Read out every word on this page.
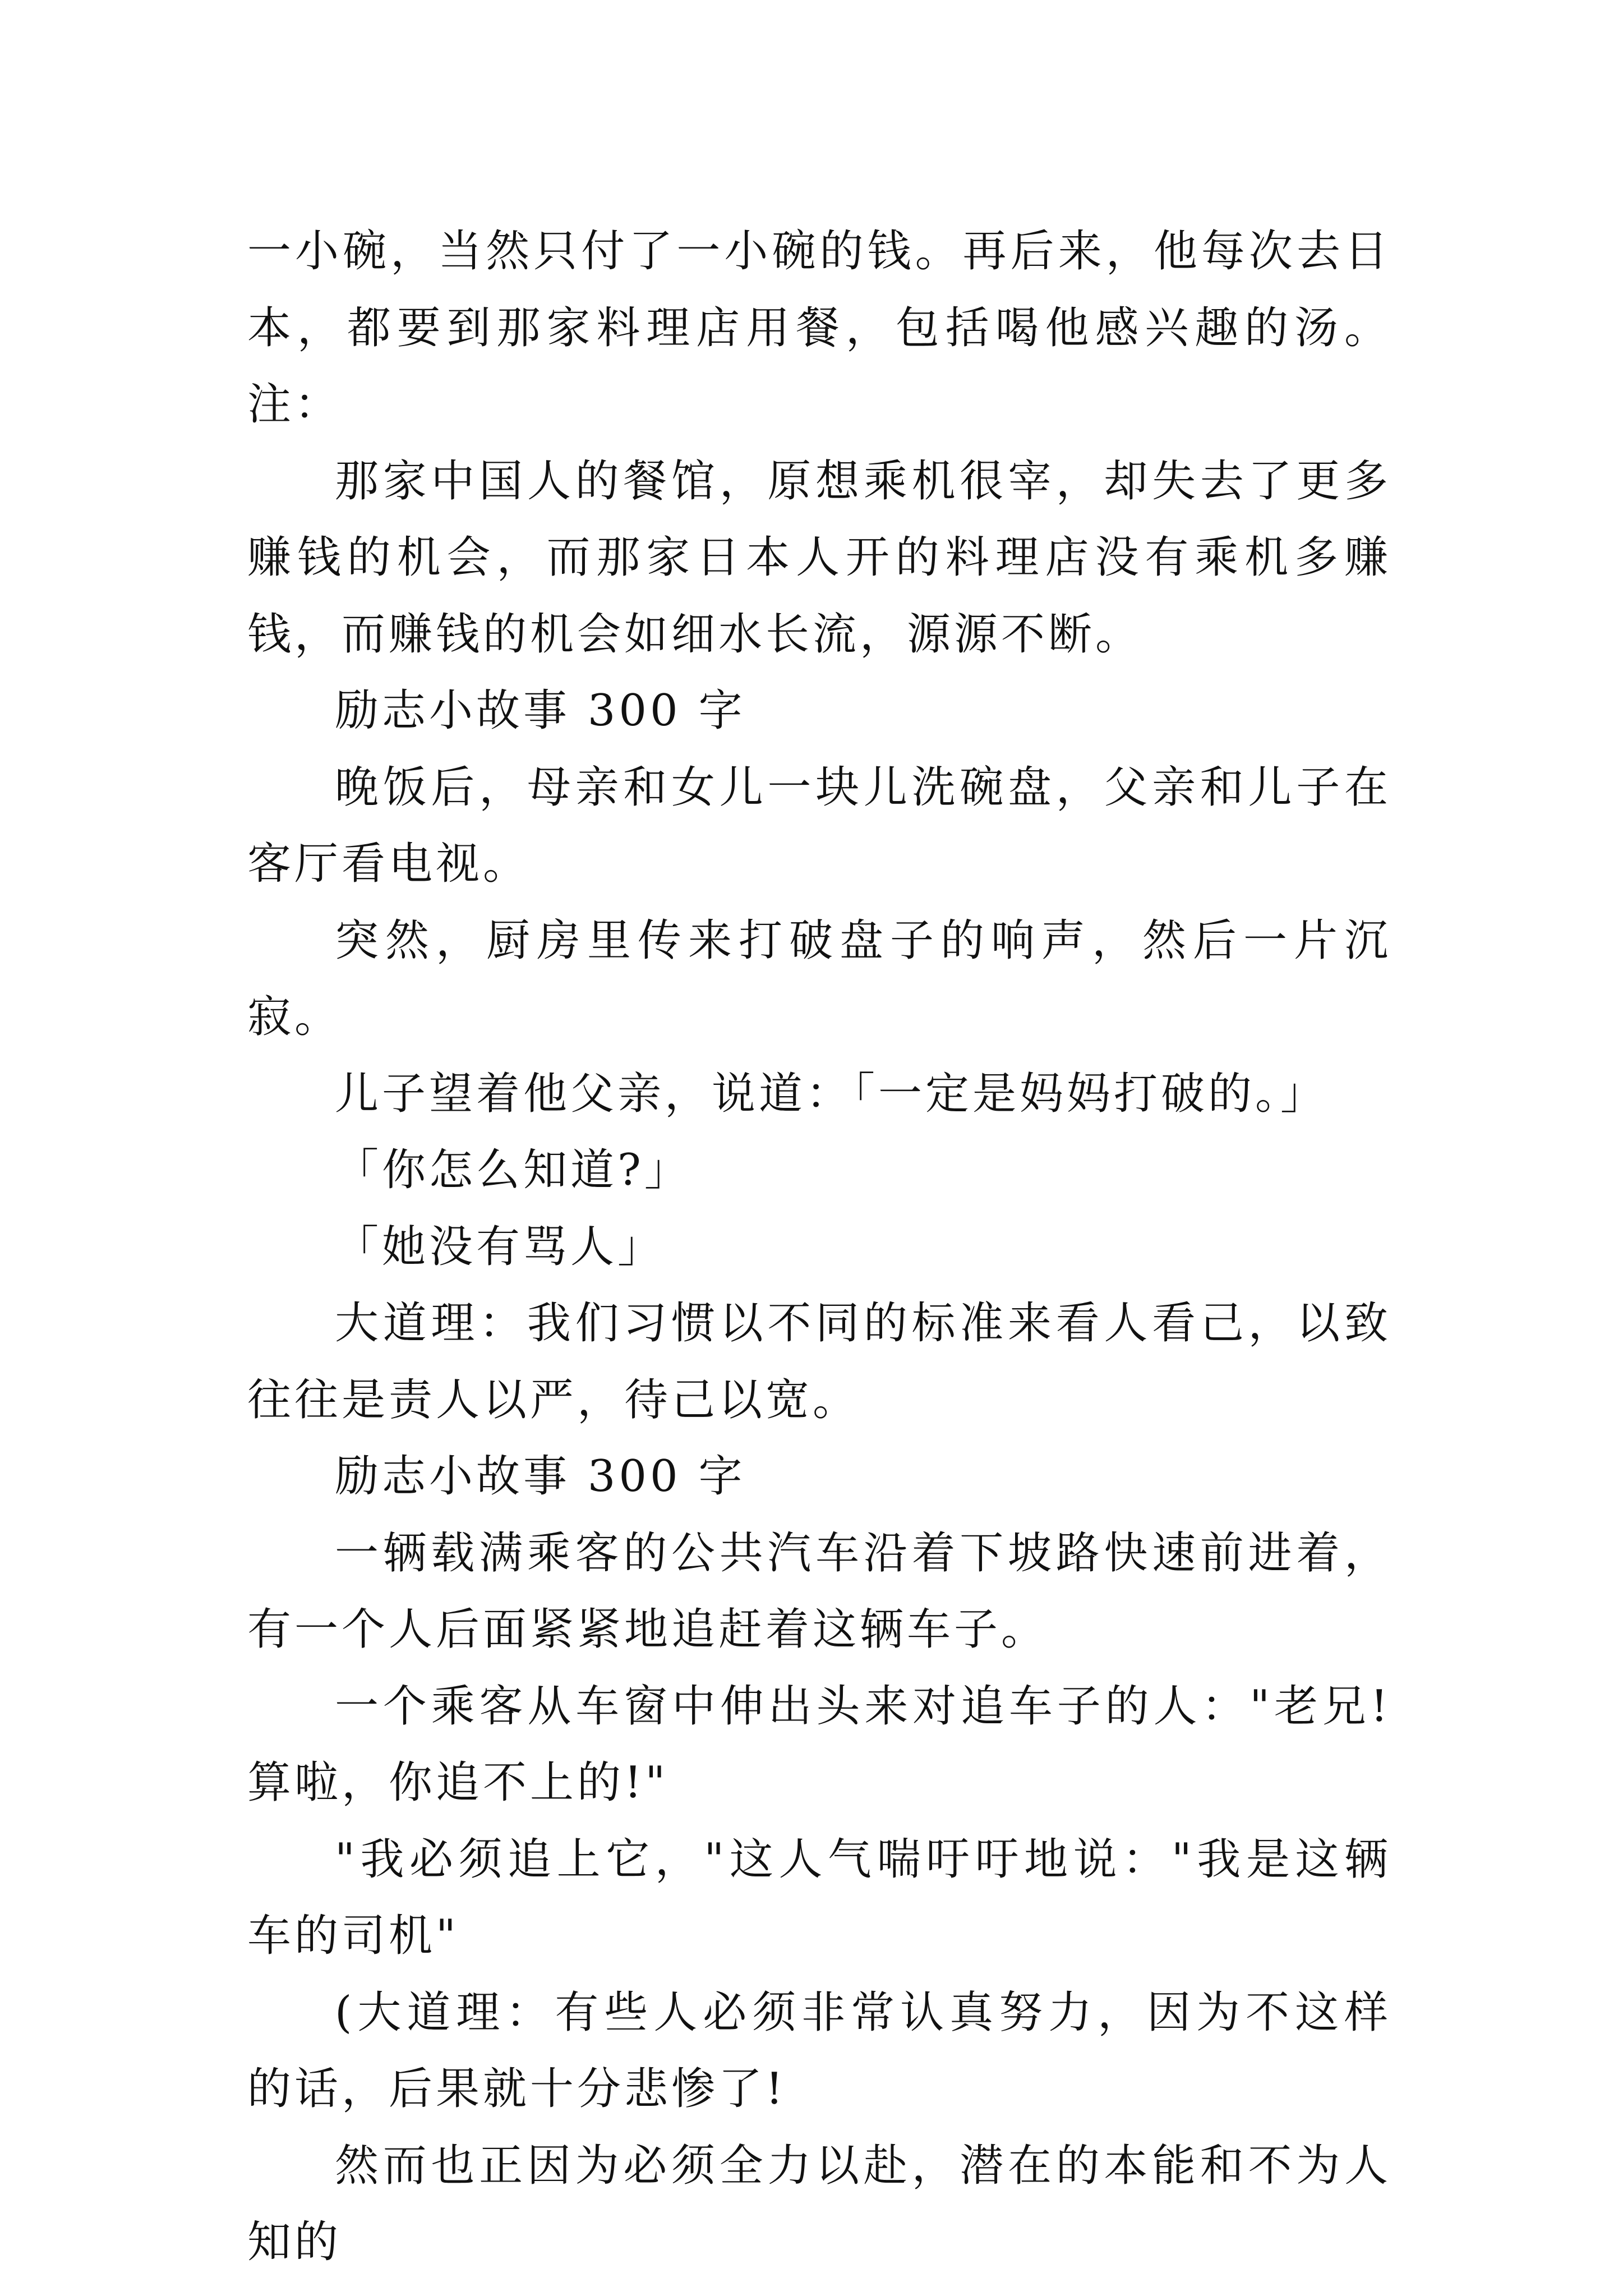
一小碗，当然只付了一小碗的钱。再后来，他每次去日本，都要到那家料理店用餐，包括喝他感兴趣的汤。注：

那家中国人的餐馆，原想乘机很宰，却失去了更多赚钱的机会，而那家日本人开的料理店没有乘机多赚钱，而赚钱的机会如细水长流，源源不断。

励志小故事 300 字

晚饭后，母亲和女儿一块儿洗碗盘，父亲和儿子在客厅看电视。

突然，厨房里传来打破盘子的响声，然后一片沉寂。

儿子望着他父亲，说道：「一定是妈妈打破的。」

「你怎么知道?」

「她没有骂人」

大道理：我们习惯以不同的标准来看人看己，以致往往是责人以严，待己以宽。

励志小故事 300 字

一辆载满乘客的公共汽车沿着下坡路快速前进着，有一个人后面紧紧地追赶着这辆车子。

一个乘客从车窗中伸出头来对追车子的人："老兄!算啦，你追不上的!"

"我必须追上它，"这人气喘吁吁地说："我是这辆车的司机"

(大道理：有些人必须非常认真努力，因为不这样的话，后果就十分悲惨了!

然而也正因为必须全力以赴，潜在的本能和不为人知的
